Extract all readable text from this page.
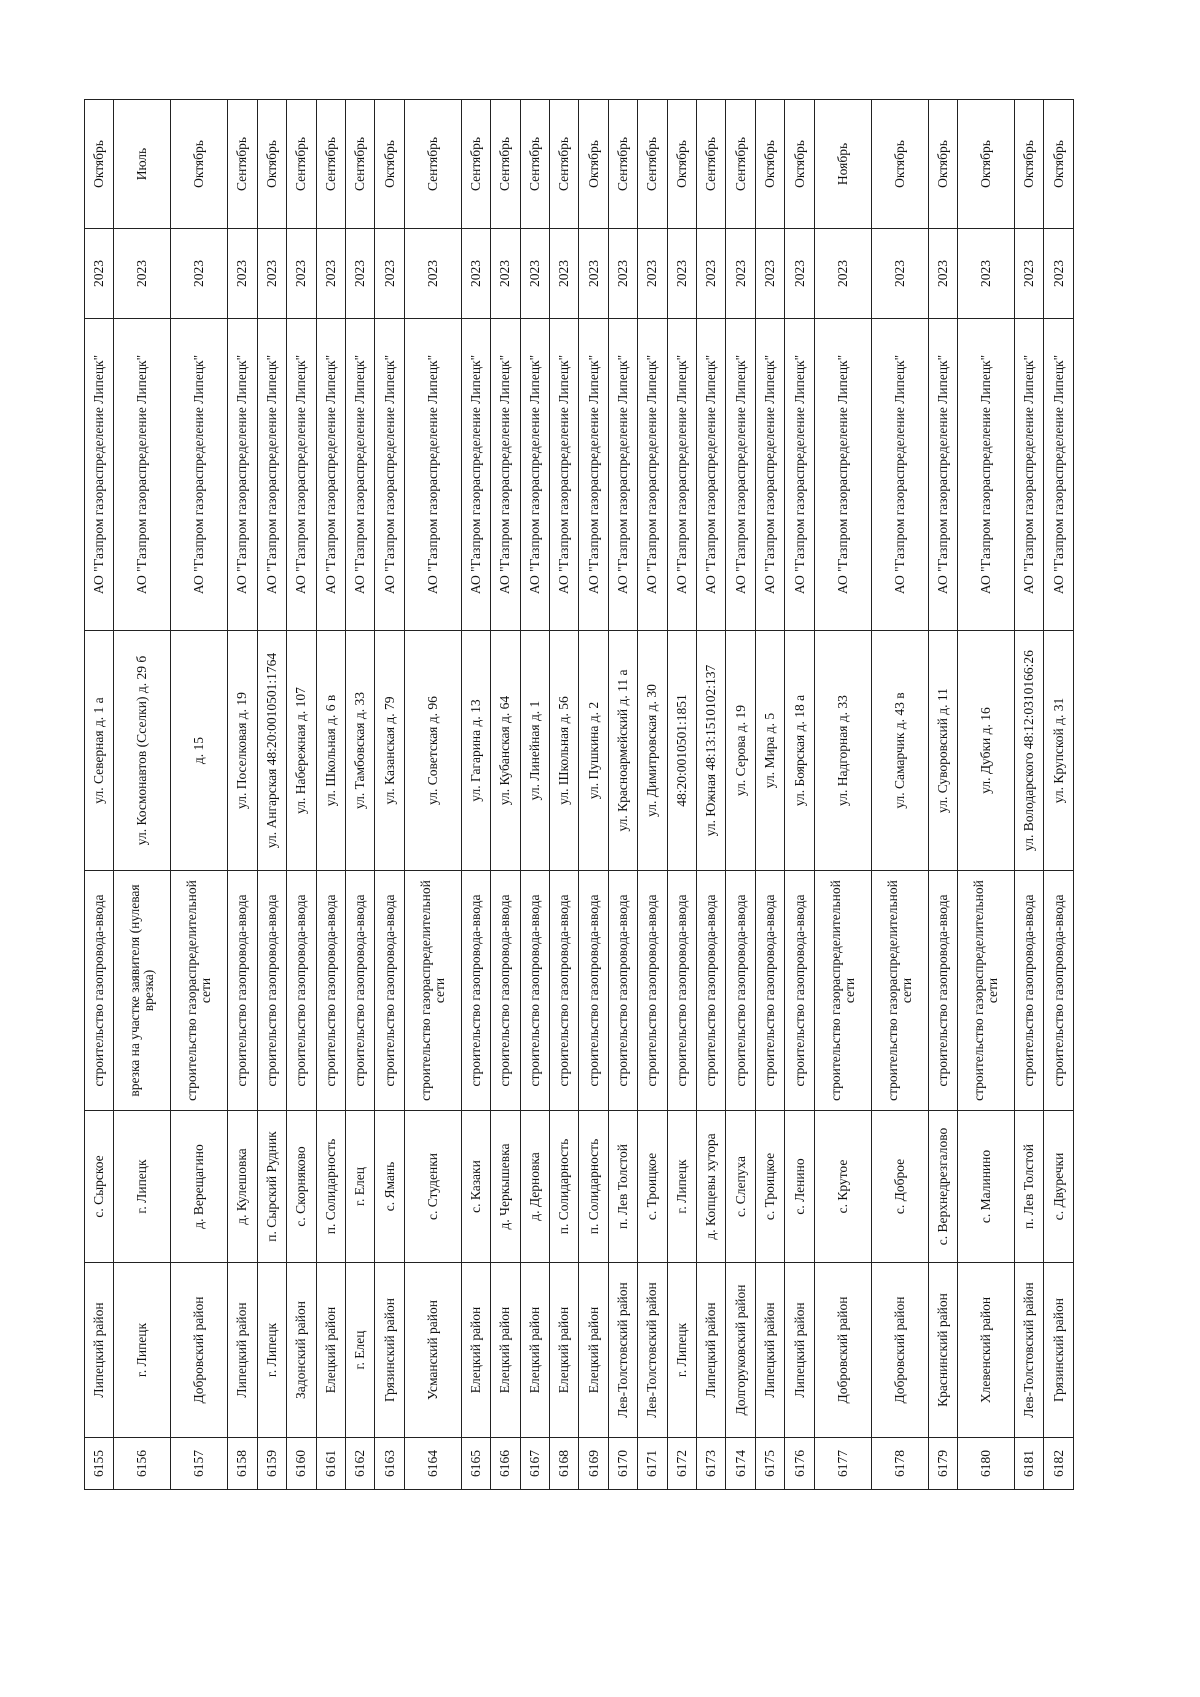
6155	Липецкий район	с. Сырское	строительство газопровода-ввода	ул. Северная д. 1 а	АО "Газпром газораспределение Липецк"	2023	Октябрь
6156	г. Липецк	г. Липецк	врезка на участке заявителя (нулевая врезка)	ул. Космонавтов (Сселки) д. 29 б	АО "Газпром газораспределение Липецк"	2023	Июль
6157	Добровский район	д. Верещагино	строительство газораспределительной сети	д. 15	АО "Газпром газораспределение Липецк"	2023	Октябрь
6158	Липецкий район	д. Кулешовка	строительство газопровода-ввода	ул. Поселковая д. 19	АО "Газпром газораспределение Липецк"	2023	Сентябрь
6159	г. Липецк	п. Сырский Рудник	строительство газопровода-ввода	ул. Ангарская 48:20:0010501:1764	АО "Газпром газораспределение Липецк"	2023	Октябрь
6160	Задонский район	с. Скорняково	строительство газопровода-ввода	ул. Набережная д. 107	АО "Газпром газораспределение Липецк"	2023	Сентябрь
6161	Елецкий район	п. Солидарность	строительство газопровода-ввода	ул. Школьная д. 6 в	АО "Газпром газораспределение Липецк"	2023	Сентябрь
6162	г. Елец	г. Елец	строительство газопровода-ввода	ул. Тамбовская д. 33	АО "Газпром газораспределение Липецк"	2023	Сентябрь
6163	Грязинский район	с. Ямань	строительство газопровода-ввода	ул. Казанская д. 79	АО "Газпром газораспределение Липецк"	2023	Октябрь
6164	Усманский район	с. Студенки	строительство газораспределительной сети	ул. Советская д. 96	АО "Газпром газораспределение Липецк"	2023	Сентябрь
6165	Елецкий район	с. Казаки	строительство газопровода-ввода	ул. Гагарина д. 13	АО "Газпром газораспределение Липецк"	2023	Сентябрь
6166	Елецкий район	д. Черкышевка	строительство газопровода-ввода	ул. Кубанская д. 64	АО "Газпром газораспределение Липецк"	2023	Сентябрь
6167	Елецкий район	д. Дерновка	строительство газопровода-ввода	ул. Линейная д. 1	АО "Газпром газораспределение Липецк"	2023	Сентябрь
6168	Елецкий район	п. Солидарность	строительство газопровода-ввода	ул. Школьная д. 56	АО "Газпром газораспределение Липецк"	2023	Сентябрь
6169	Елецкий район	п. Солидарность	строительство газопровода-ввода	ул. Пушкина д. 2	АО "Газпром газораспределение Липецк"	2023	Октябрь
6170	Лев-Толстовский район	п. Лев Толстой	строительство газопровода-ввода	ул. Красноармейский д. 11 а	АО "Газпром газораспределение Липецк"	2023	Сентябрь
6171	Лев-Толстовский район	с. Троицкое	строительство газопровода-ввода	ул. Димитровская д. 30	АО "Газпром газораспределение Липецк"	2023	Сентябрь
6172	г. Липецк	г. Липецк	строительство газопровода-ввода	48:20:0010501:1851	АО "Газпром газораспределение Липецк"	2023	Октябрь
6173	Липецкий район	д. Копцевы хутора	строительство газопровода-ввода	ул. Южная 48:13:1510102:137	АО "Газпром газораспределение Липецк"	2023	Сентябрь
6174	Долгоруковский район	с. Слепуха	строительство газопровода-ввода	ул. Серова д. 19	АО "Газпром газораспределение Липецк"	2023	Сентябрь
6175	Липецкий район	с. Троицкое	строительство газопровода-ввода	ул. Мира д. 5	АО "Газпром газораспределение Липецк"	2023	Октябрь
6176	Липецкий район	с. Ленино	строительство газопровода-ввода	ул. Боярская д. 18 а	АО "Газпром газораспределение Липецк"	2023	Октябрь
6177	Добровский район	с. Крутое	строительство газораспределительной сети	ул. Надгорная д. 33	АО "Газпром газораспределение Липецк"	2023	Ноябрь
6178	Добровский район	с. Доброе	строительство газораспределительной сети	ул. Самарчик д. 43 в	АО "Газпром газораспределение Липецк"	2023	Октябрь
6179	Краснинский район	с. Верхнедрезгалово	строительство газопровода-ввода	ул. Суворовский д. 11	АО "Газпром газораспределение Липецк"	2023	Октябрь
6180	Хлевенский район	с. Малинино	строительство газораспределительной сети	ул. Дубки д. 16	АО "Газпром газораспределение Липецк"	2023	Октябрь
6181	Лев-Толстовский район	п. Лев Толстой	строительство газопровода-ввода	ул. Володарского 48:12:0310166:26	АО "Газпром газораспределение Липецк"	2023	Октябрь
6182	Грязинский район	с. Двуречки	строительство газопровода-ввода	ул. Крупской д. 31	АО "Газпром газораспределение Липецк"	2023	Октябрь
